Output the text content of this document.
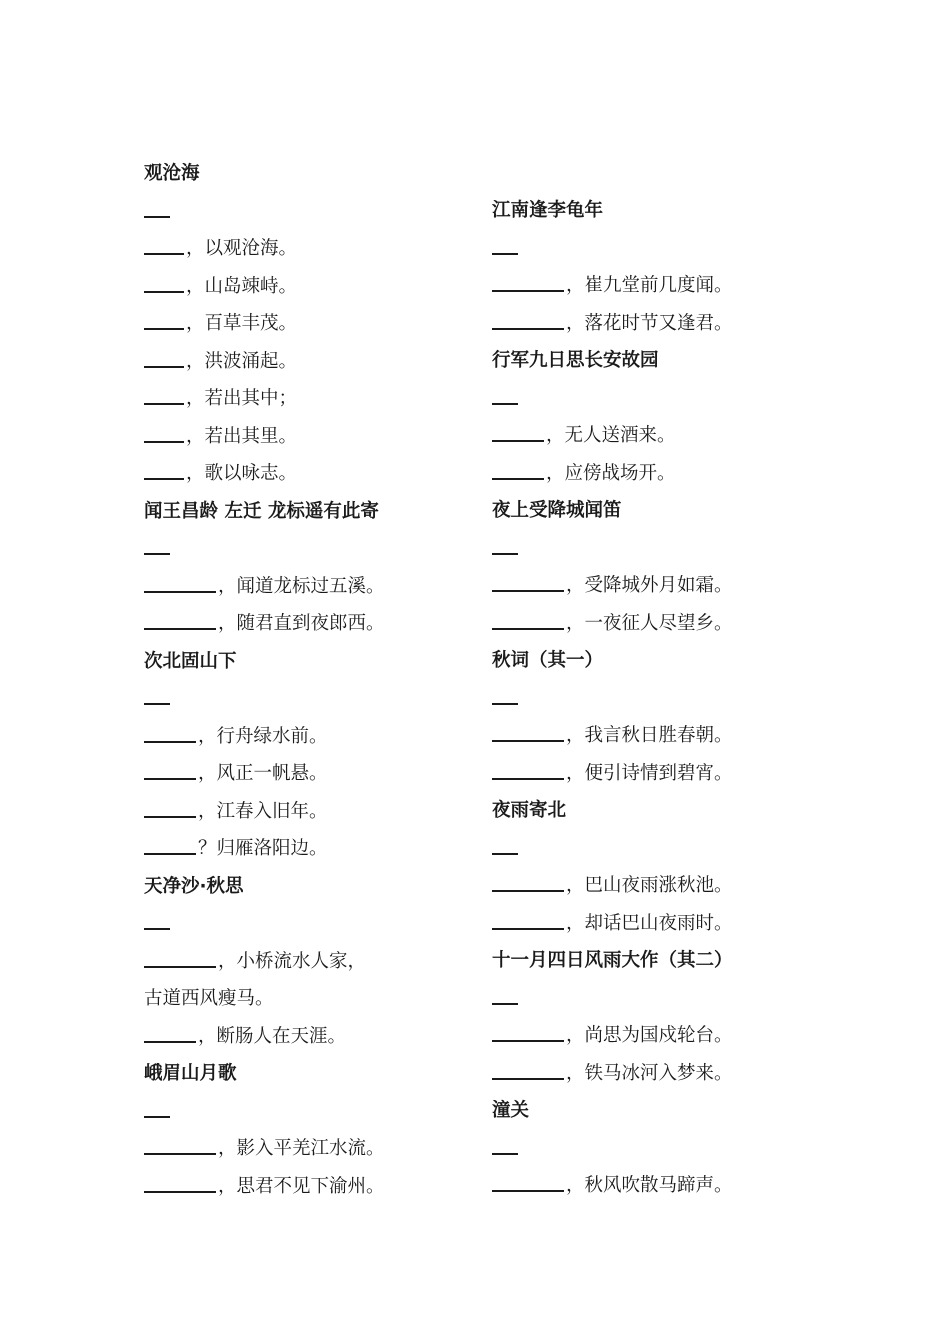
观沧海
，以观沧海。
，山岛竦峙。
，百草丰茂。
，洪波涌起。
，若出其中；
，若出其里。
，歌以咏志。
闻王昌龄 左迁 龙标遥有此寄
，闻道龙标过五溪。
，随君直到夜郎西。
次北固山下
，行舟绿水前。
，风正一帆悬。
，江春入旧年。
？归雁洛阳边。
天净沙·秋思
，小桥流水人家，
古道西风瘦马。
，断肠人在天涯。
峨眉山月歌
，影入平羌江水流。
，思君不见下渝州。
江南逢李龟年
，崔九堂前几度闻。
，落花时节又逢君。
行军九日思长安故园
，无人送酒来。
，应傍战场开。
夜上受降城闻笛
，受降城外月如霜。
，一夜征人尽望乡。
秋词（其一）
，我言秋日胜春朝。
，便引诗情到碧宵。
夜雨寄北
，巴山夜雨涨秋池。
，却话巴山夜雨时。
十一月四日风雨大作（其二）
，尚思为国戍轮台。
，铁马冰河入梦来。
潼关
，秋风吹散马蹄声。
